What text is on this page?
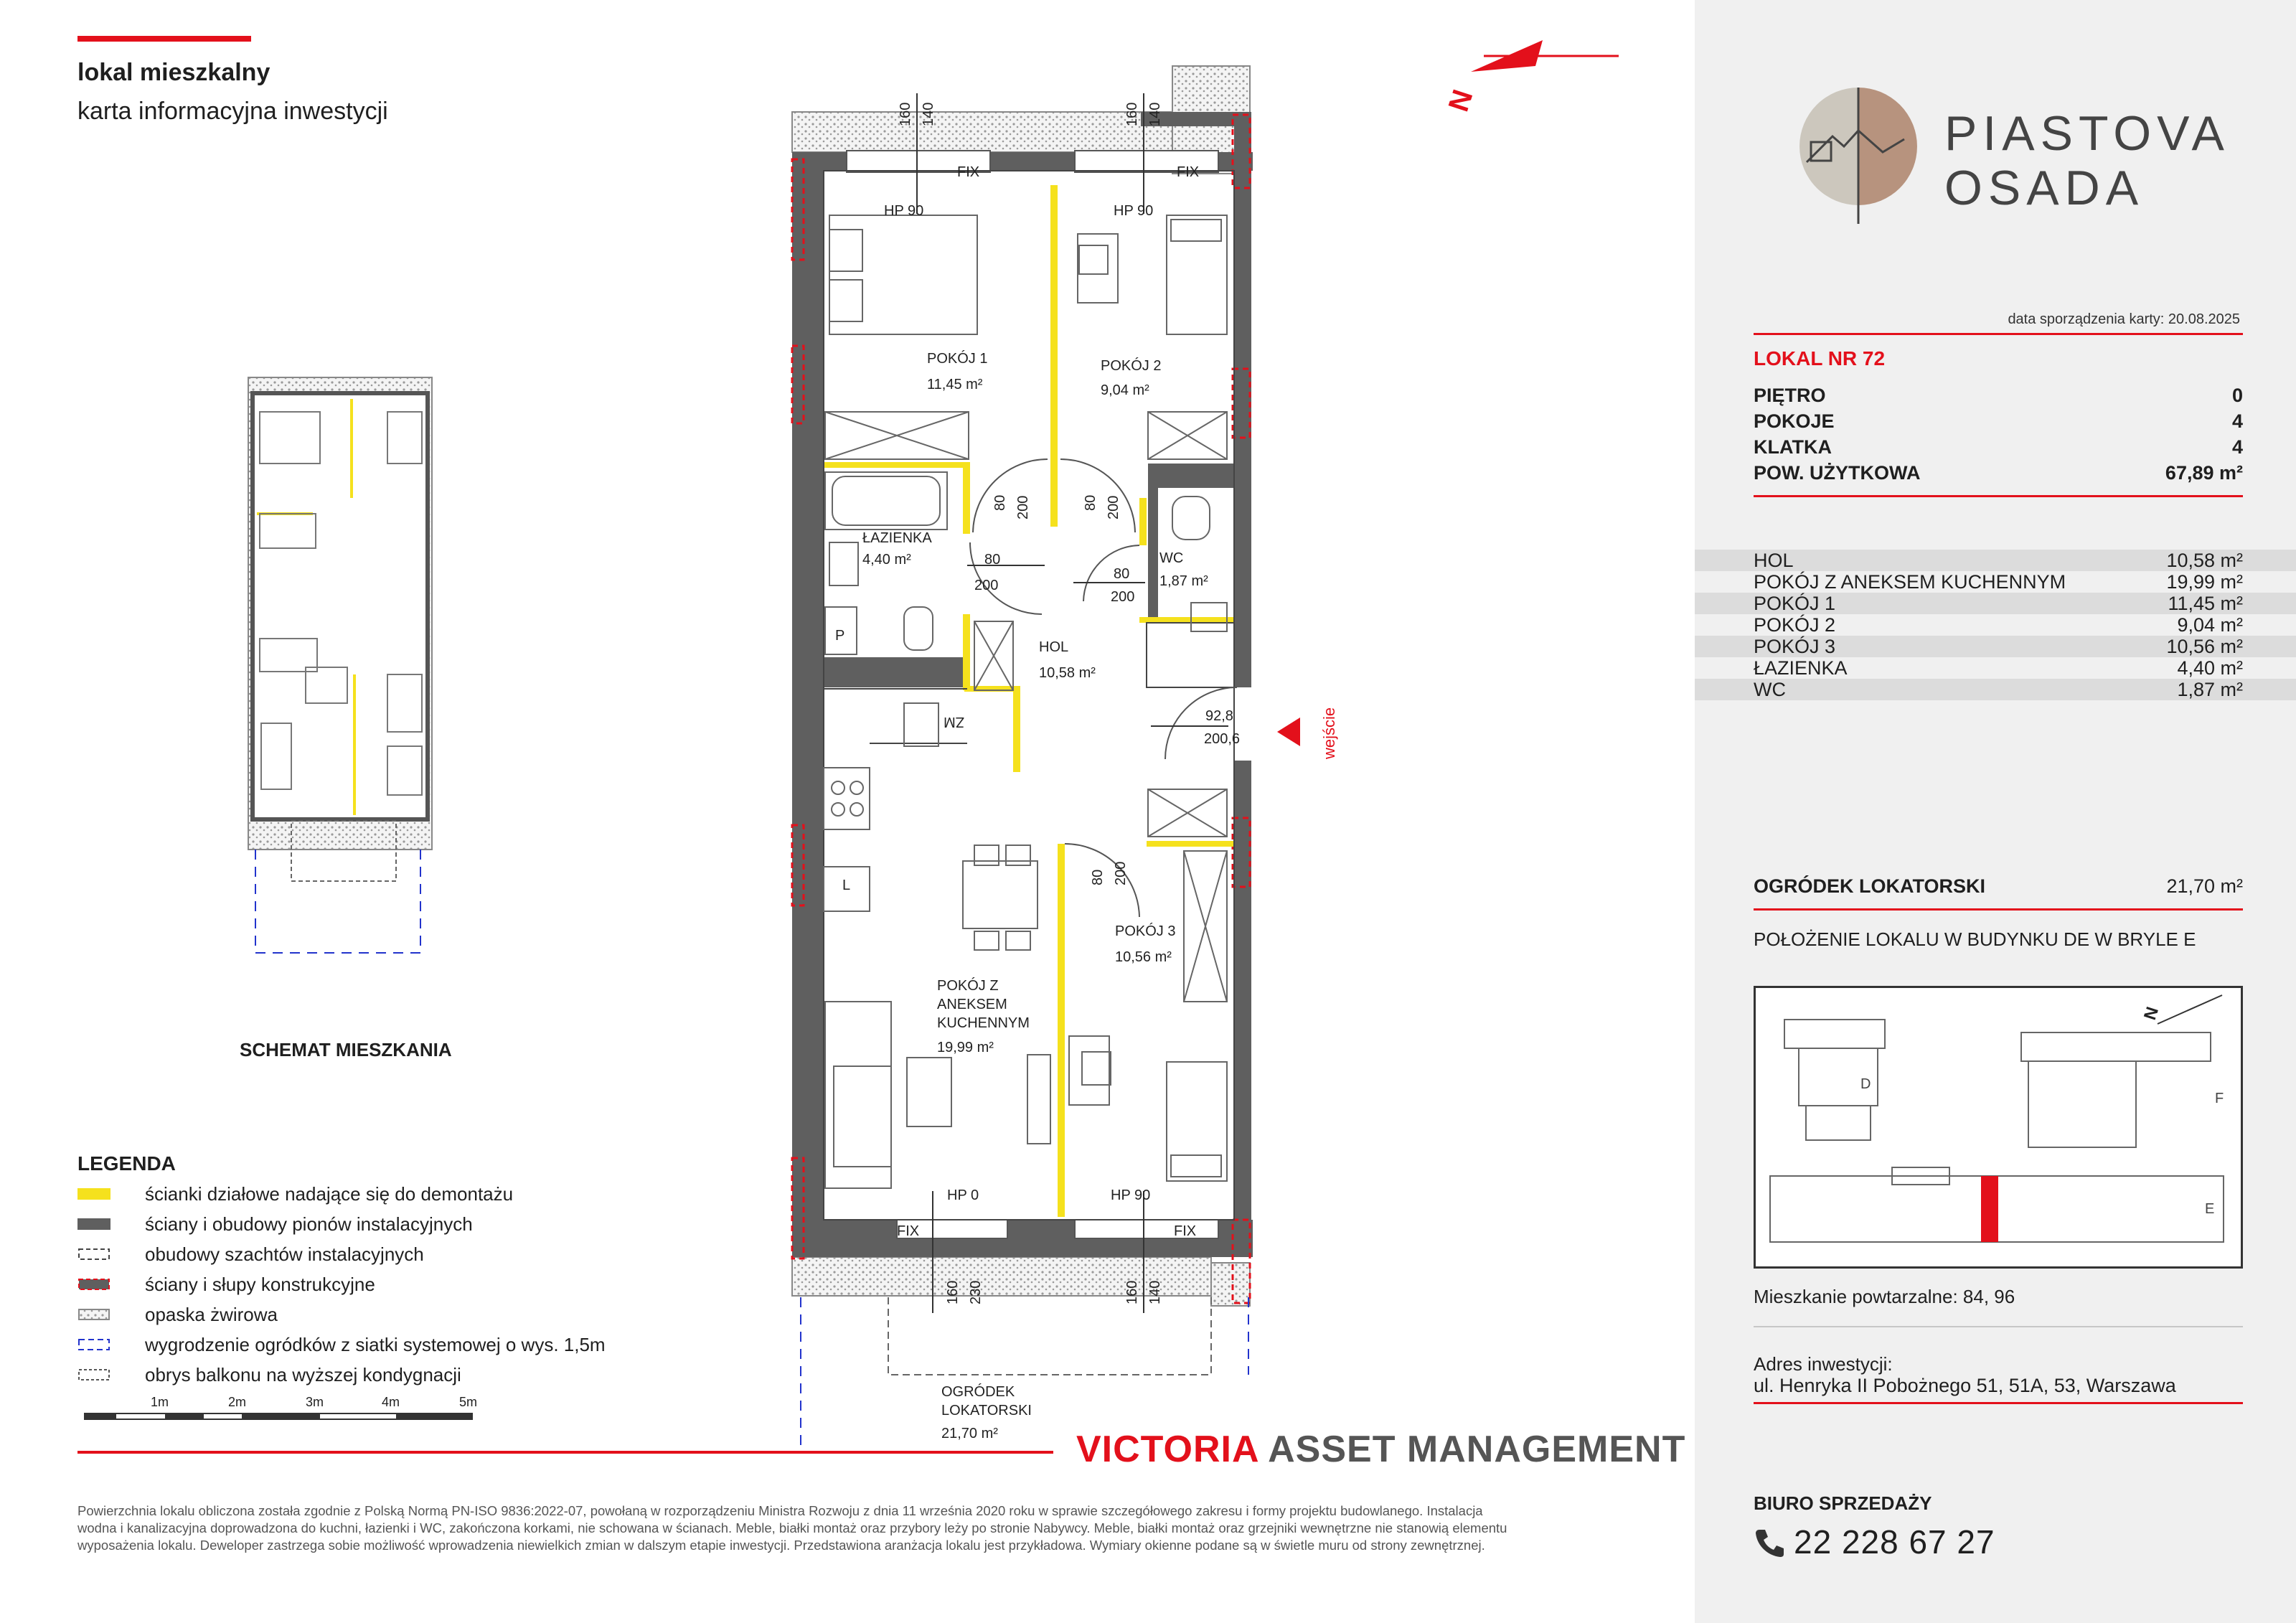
lokal mieszkalny
karta informacyjna inwestycji
POKÓJ 1
11,45 m²
POKÓJ 2
9,04 m²
ŁAZIENKA
4,40 m²	WC
1,87 m²
HOL
10,58 m²
POKÓJ 3
10,56 m²
POKÓJ Z
ANEKSEM
KUCHENNYM
19,99 m²
160 140	160 140
HP 90	HP 90
FIX	FIX
80 200	80 200
80
200
80
200
92,8
200,6
ZM
P
L	80 200
HP 0	HP 90
FIX	FIX
160 230	160 140
wejście
N
OGRÓDEK
LOKATORSKI
21,70 m²
SCHEMAT MIESZKANIA
LEGENDA
ścianki działowe nadające się do demontażu
ściany i obudowy pionów instalacyjnych
obudowy szachtów instalacyjnych
ściany i słupy konstrukcyjne
opaska żwirowa
wygrodzenie ogródków z siatki systemowej o wys. 1,5m
obrys balkonu na wyższej kondygnacji
1m	2m	3m	4m	5m
VICTORIA ASSET MANAGEMENT
Powierzchnia lokalu obliczona została zgodnie z Polską Normą PN-ISO 9836:2022-07, powołaną w rozporządzeniu Ministra Rozwoju z dnia 11 września 2020 roku w sprawie szczegółowego zakresu i formy projektu budowlanego. Instalacja wodna i kanalizacyjna doprowadzona do kuchni, łazienki i WC, zakończona korkami, nie schowana w ścianach. Meble, białki montaż oraz przybory leży po stronie Nabywcy. Meble, białki montaż oraz grzejniki wewnętrzne nie stanowią elementu wyposażenia lokalu. Deweloper zastrzega sobie możliwość wprowadzenia niewielkich zmian w dalszym etapie inwestycji. Przedstawiona aranżacja lokalu jest przykładowa. Wymiary okienne podane są w świetle muru od strony zewnętrznej.
PIASTOVA
OSADA
data sporządzenia karty: 20.08.2025
LOKAL NR 72
PIĘTRO	0
POKOJE	4
KLATKA	4
POW. UŻYTKOWA	67,89 m²
HOL	10,58 m²
POKÓJ Z ANEKSEM KUCHENNYM	19,99 m²
POKÓJ 1	11,45 m²
POKÓJ 2	9,04 m²
POKÓJ 3	10,56 m²
ŁAZIENKA	4,40 m²
WC	1,87 m²
OGRÓDEK LOKATORSKI	21,70 m²
POŁOŻENIE LOKALU W BUDYNKU DE W BRYLE E
D
F
E
N
Mieszkanie powtarzalne: 84, 96
Adres inwestycji:
ul. Henryka II Pobożnego 51, 51A, 53, Warszawa
BIURO SPRZEDAŻY
22 228 67 27
